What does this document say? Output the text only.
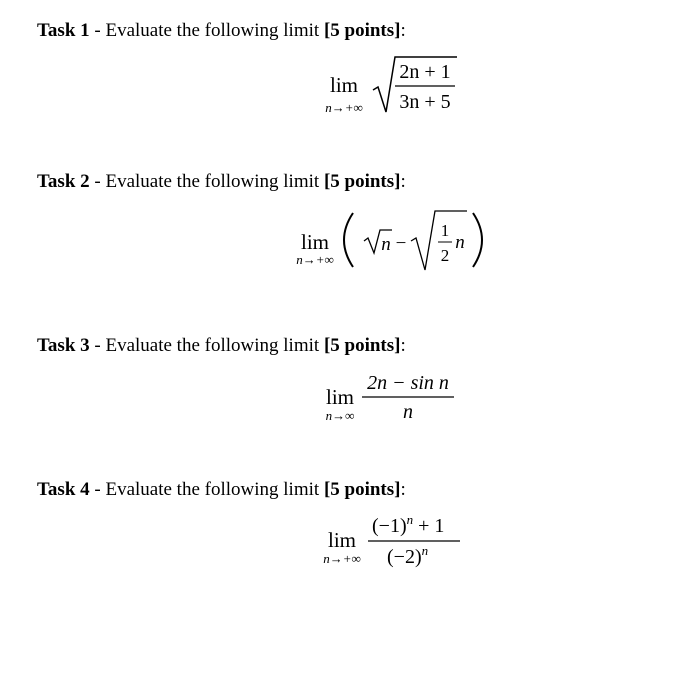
Task 1 - Evaluate the following limit [5 points]:
lim
n→+∞
2n + 1
3n + 5
Task 2 - Evaluate the following limit [5 points]:
lim
n→+∞
n −
1
2
n
Task 3 - Evaluate the following limit [5 points]:
lim
n→∞
2n − sin n
n
Task 4 - Evaluate the following limit [5 points]:
lim
n→+∞
$(-1)^n + 1$
$(-2)^n$
